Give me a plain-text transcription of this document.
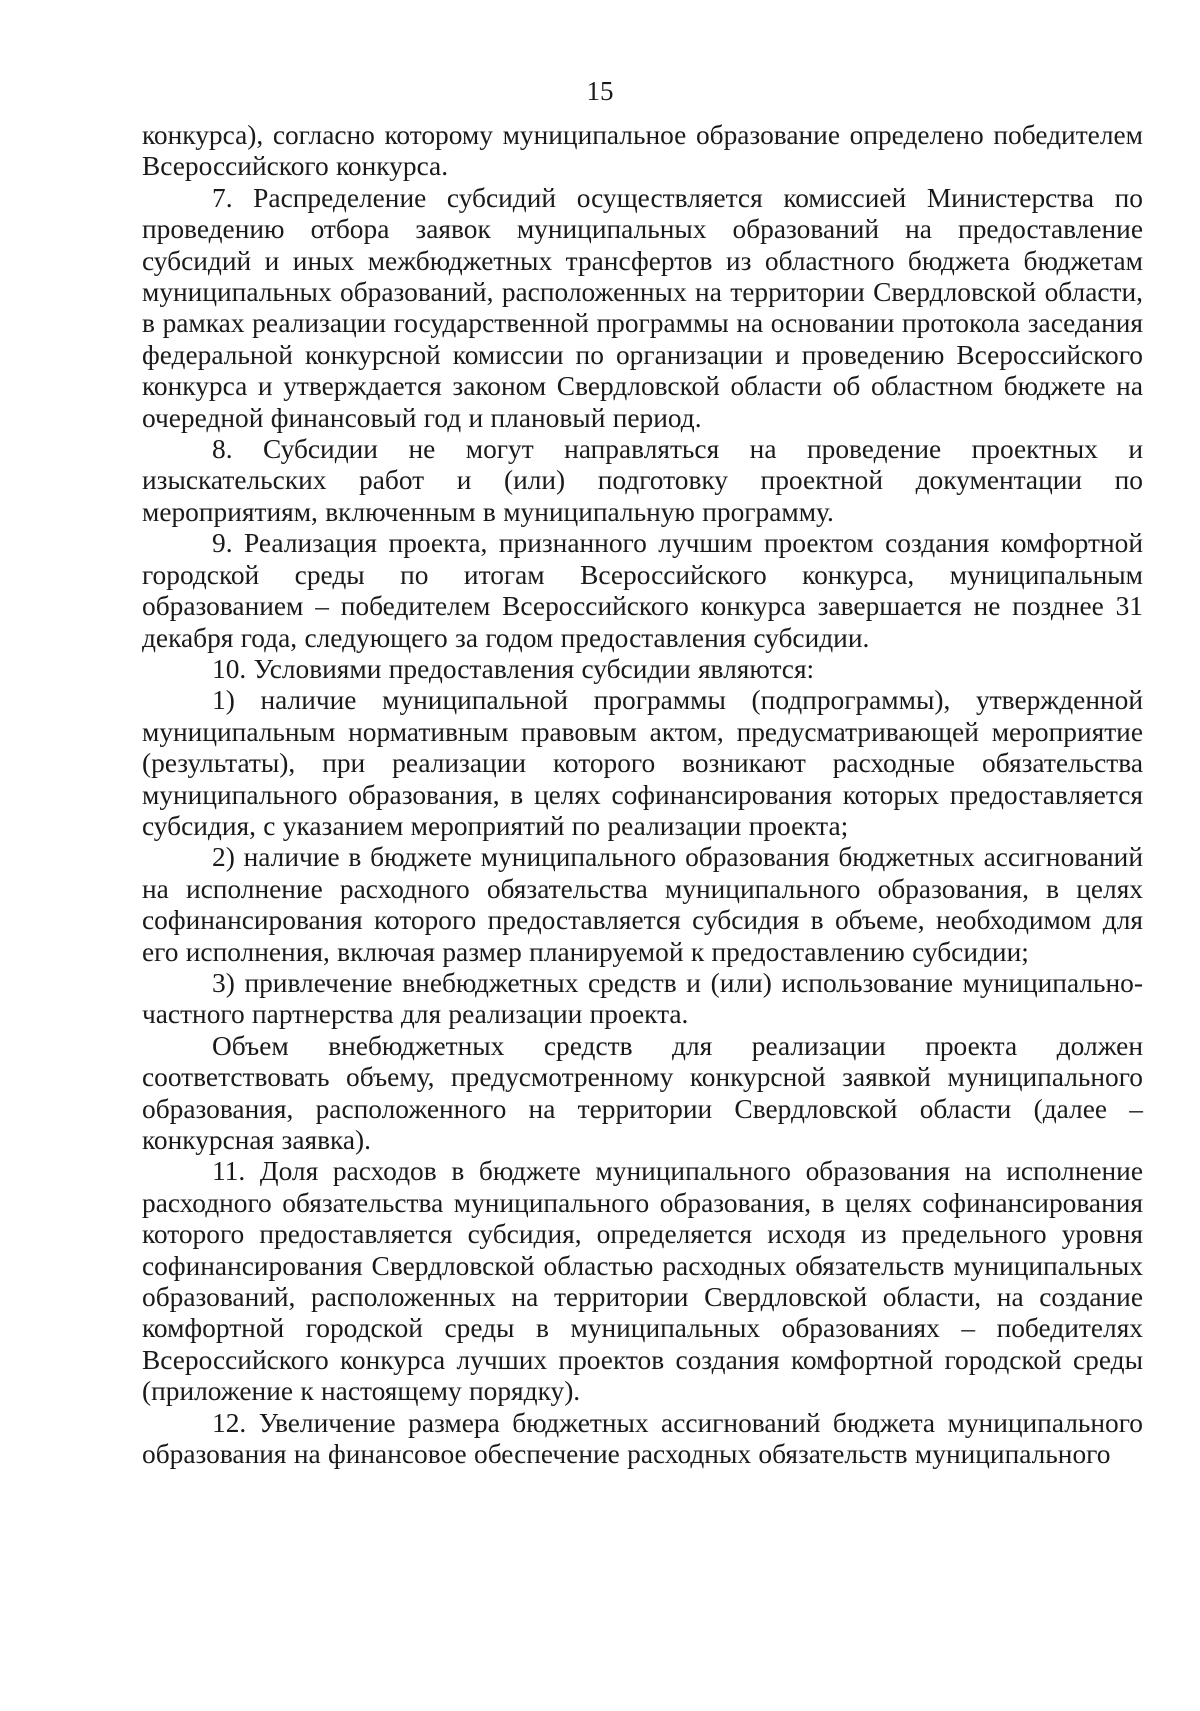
15

конкурса), согласно которому муниципальное образование определено победителем Всероссийского конкурса.

7. Распределение субсидий осуществляется комиссией Министерства по проведению отбора заявок муниципальных образований на предоставление субсидий и иных межбюджетных трансфертов из областного бюджета бюджетам муниципальных образований, расположенных на территории Свердловской области, в рамках реализации государственной программы на основании протокола заседания федеральной конкурсной комиссии по организации и проведению Всероссийского конкурса и утверждается законом Свердловской области об областном бюджете на очередной финансовый год и плановый период.

8. Субсидии не могут направляться на проведение проектных и изыскательских работ и (или) подготовку проектной документации по мероприятиям, включенным в муниципальную программу.

9. Реализация проекта, признанного лучшим проектом создания комфортной городской среды по итогам Всероссийского конкурса, муниципальным образованием – победителем Всероссийского конкурса завершается не позднее 31 декабря года, следующего за годом предоставления субсидии.

10. Условиями предоставления субсидии являются:

1) наличие муниципальной программы (подпрограммы), утвержденной муниципальным нормативным правовым актом, предусматривающей мероприятие (результаты), при реализации которого возникают расходные обязательства муниципального образования, в целях софинансирования которых предоставляется субсидия, с указанием мероприятий по реализации проекта;

2) наличие в бюджете муниципального образования бюджетных ассигнований на исполнение расходного обязательства муниципального образования, в целях софинансирования которого предоставляется субсидия в объеме, необходимом для его исполнения, включая размер планируемой к предоставлению субсидии;

3) привлечение внебюджетных средств и (или) использование муниципально-частного партнерства для реализации проекта.

Объем внебюджетных средств для реализации проекта должен соответствовать объему, предусмотренному конкурсной заявкой муниципального образования, расположенного на территории Свердловской области (далее – конкурсная заявка).

11. Доля расходов в бюджете муниципального образования на исполнение расходного обязательства муниципального образования, в целях софинансирования которого предоставляется субсидия, определяется исходя из предельного уровня софинансирования Свердловской областью расходных обязательств муниципальных образований, расположенных на территории Свердловской области, на создание комфортной городской среды в муниципальных образованиях – победителях Всероссийского конкурса лучших проектов создания комфортной городской среды (приложение к настоящему порядку).

12. Увеличение размера бюджетных ассигнований бюджета муниципального образования на финансовое обеспечение расходных обязательств муниципального
